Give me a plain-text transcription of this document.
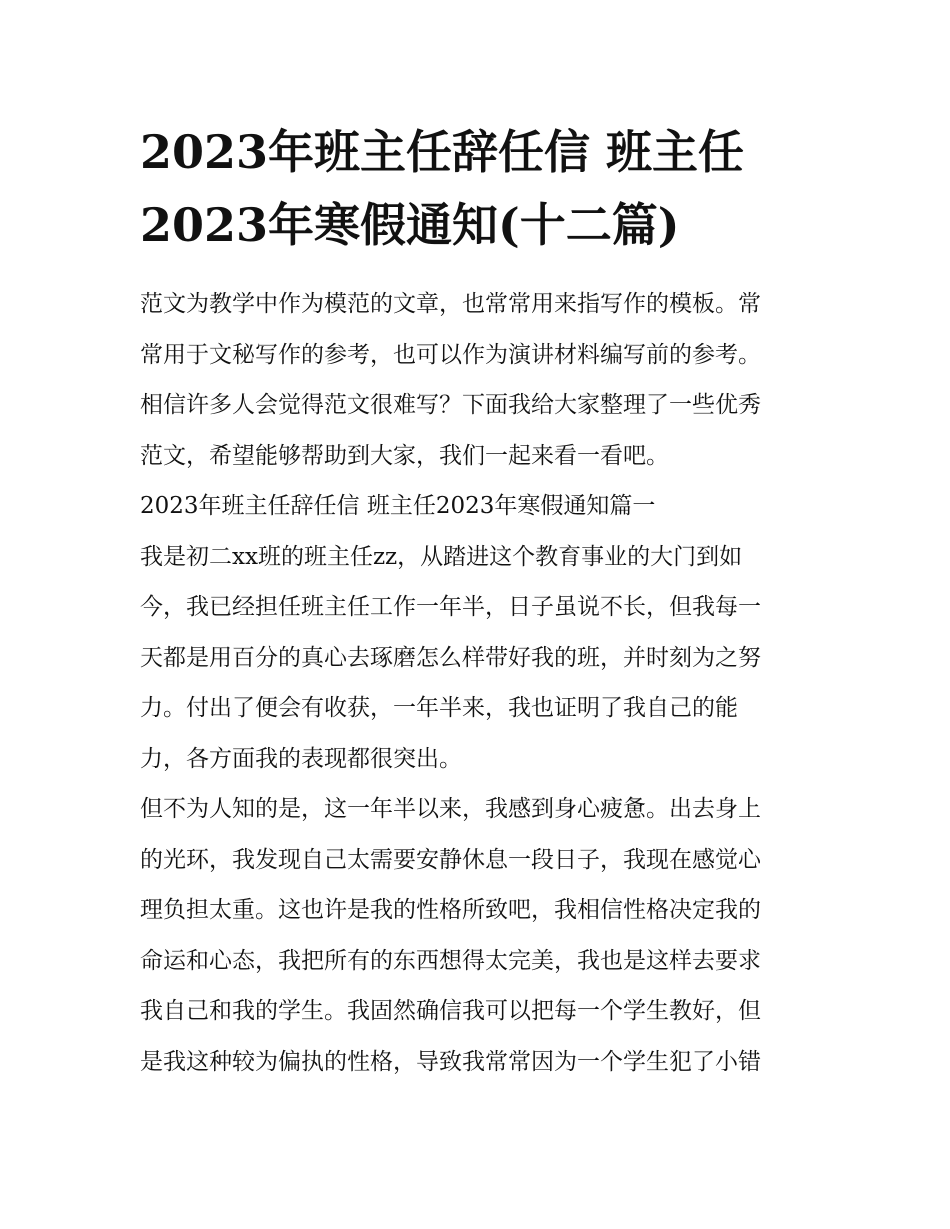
2023年班主任辞任信 班主任
2023年寒假通知(十二篇)

范文为教学中作为模范的文章，也常常用来指写作的模板。常
常用于文秘写作的参考，也可以作为演讲材料编写前的参考。
相信许多人会觉得范文很难写？下面我给大家整理了一些优秀
范文，希望能够帮助到大家，我们一起来看一看吧。

2023年班主任辞任信 班主任2023年寒假通知篇一

我是初二xx班的班主任zz，从踏进这个教育事业的大门到如
今，我已经担任班主任工作一年半，日子虽说不长，但我每一
天都是用百分的真心去琢磨怎么样带好我的班，并时刻为之努
力。付出了便会有收获，一年半来，我也证明了我自己的能
力，各方面我的表现都很突出。

但不为人知的是，这一年半以来，我感到身心疲惫。出去身上
的光环，我发现自己太需要安静休息一段日子，我现在感觉心
理负担太重。这也许是我的性格所致吧，我相信性格决定我的
命运和心态，我把所有的东西想得太完美，我也是这样去要求
我自己和我的学生。我固然确信我可以把每一个学生教好，但
是我这种较为偏执的性格，导致我常常因为一个学生犯了小错
